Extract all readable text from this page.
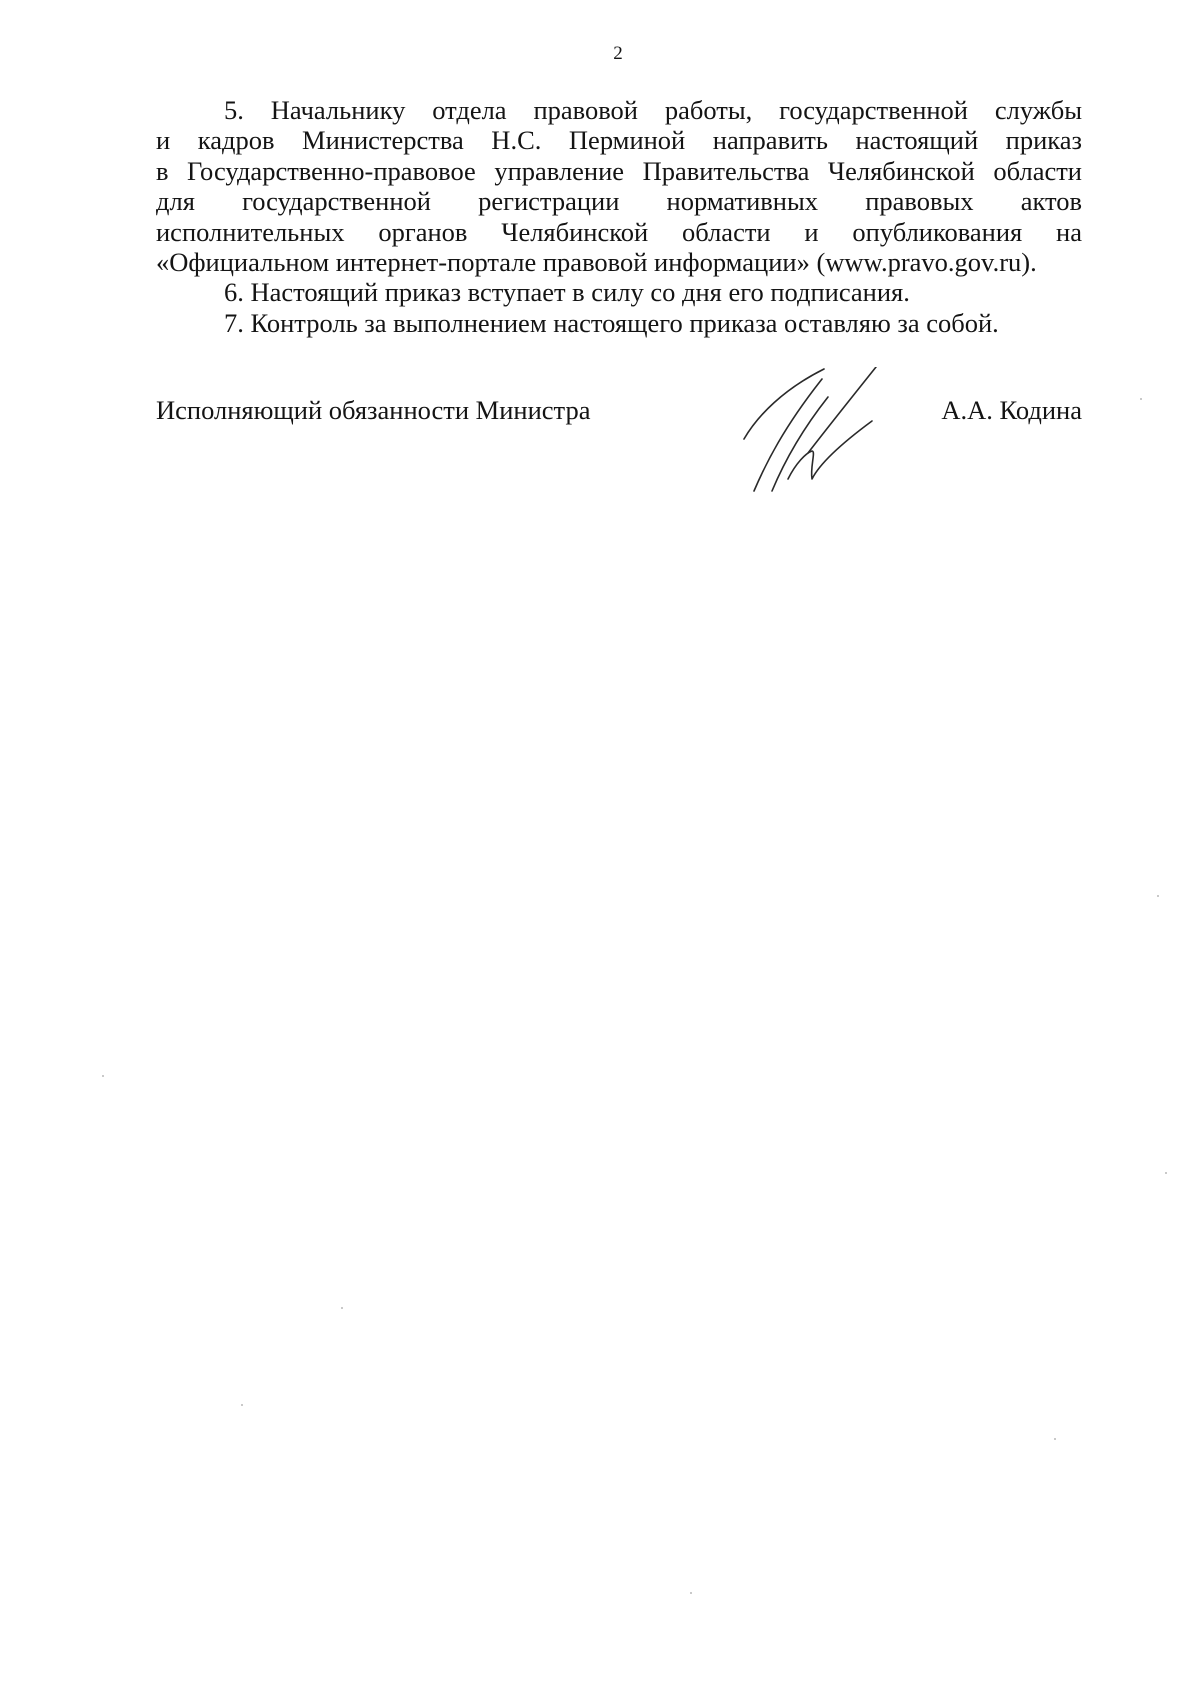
2

5. Начальнику отдела правовой работы, государственной службы
и кадров Министерства Н.С. Перминой направить настоящий приказ
в Государственно-правовое управление Правительства Челябинской области
для государственной регистрации нормативных правовых актов
исполнительных органов Челябинской области и опубликования на
«Официальном интернет-портале правовой информации» (www.pravo.gov.ru).

6. Настоящий приказ вступает в силу со дня его подписания.

7. Контроль за выполнением настоящего приказа оставляю за собой.

Исполняющий обязанности Министра	А.А. Кодина
